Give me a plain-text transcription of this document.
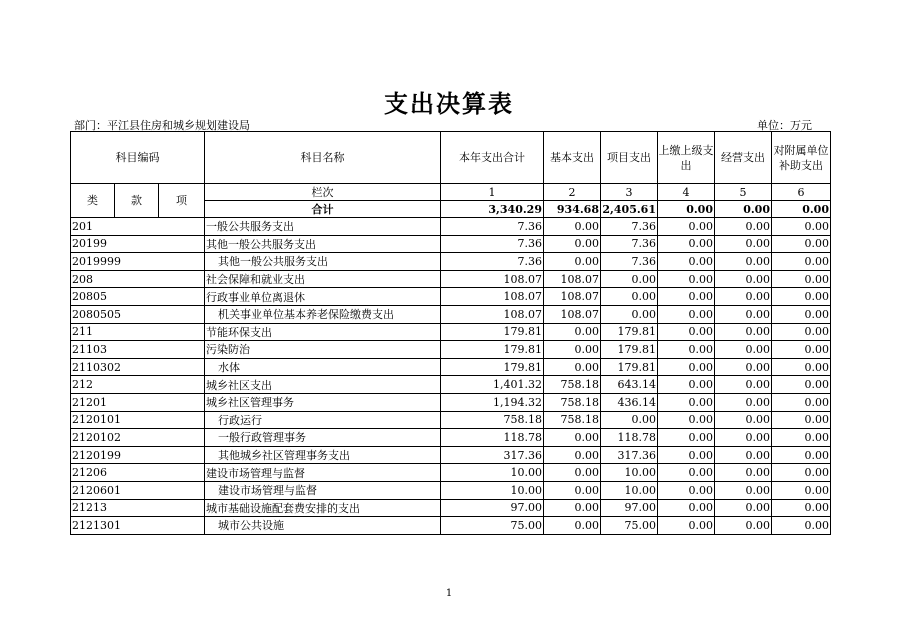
支出决算表
部门：平江县住房和城乡规划建设局	单位：万元
科目编码			科目名称	本年支出合计	基本支出	项目支出	上缴上级支出	经营支出	对附属单位补助支出
类	款	项	栏次	1	2	3	4	5	6
			合计	3,340.29	934.68	2,405.61	0.00	0.00	0.00
201			一般公共服务支出	7.36	0.00	7.36	0.00	0.00	0.00
20199			其他一般公共服务支出	7.36	0.00	7.36	0.00	0.00	0.00
2019999			其他一般公共服务支出	7.36	0.00	7.36	0.00	0.00	0.00
208			社会保障和就业支出	108.07	108.07	0.00	0.00	0.00	0.00
20805			行政事业单位离退休	108.07	108.07	0.00	0.00	0.00	0.00
2080505			机关事业单位基本养老保险缴费支出	108.07	108.07	0.00	0.00	0.00	0.00
211			节能环保支出	179.81	0.00	179.81	0.00	0.00	0.00
21103			污染防治	179.81	0.00	179.81	0.00	0.00	0.00
2110302			水体	179.81	0.00	179.81	0.00	0.00	0.00
212			城乡社区支出	1,401.32	758.18	643.14	0.00	0.00	0.00
21201			城乡社区管理事务	1,194.32	758.18	436.14	0.00	0.00	0.00
2120101			行政运行	758.18	758.18	0.00	0.00	0.00	0.00
2120102			一般行政管理事务	118.78	0.00	118.78	0.00	0.00	0.00
2120199			其他城乡社区管理事务支出	317.36	0.00	317.36	0.00	0.00	0.00
21206			建设市场管理与监督	10.00	0.00	10.00	0.00	0.00	0.00
2120601			建设市场管理与监督	10.00	0.00	10.00	0.00	0.00	0.00
21213			城市基础设施配套费安排的支出	97.00	0.00	97.00	0.00	0.00	0.00
2121301			城市公共设施	75.00	0.00	75.00	0.00	0.00	0.00
1
